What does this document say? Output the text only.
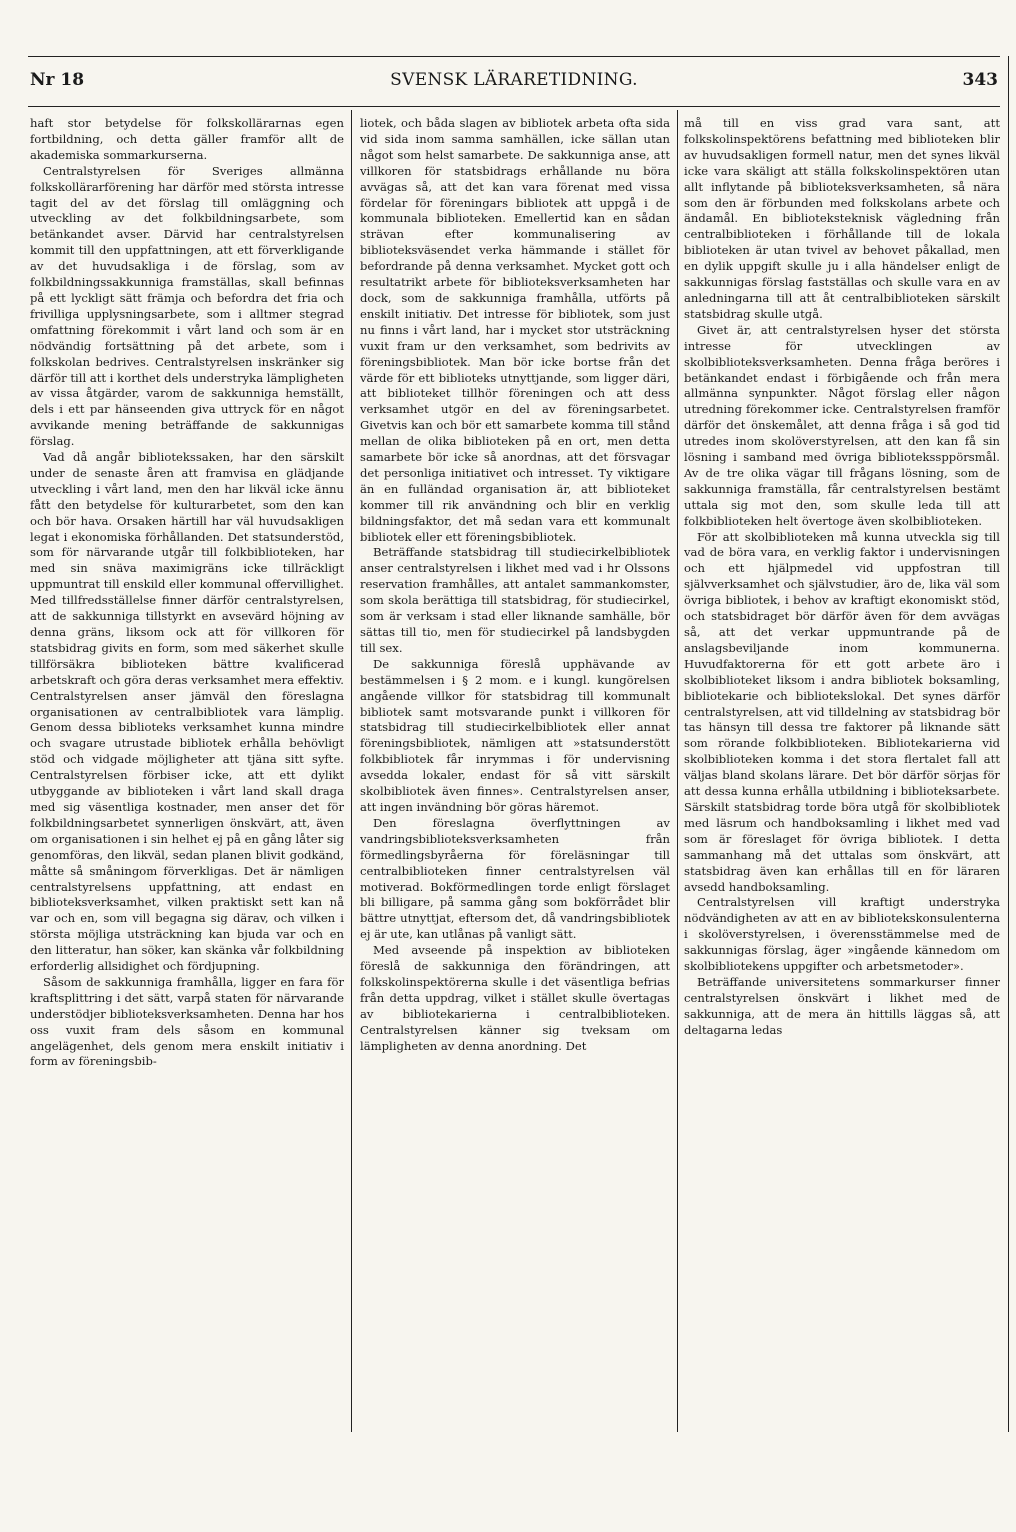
Nr 18	SVENSK LÄRARETIDNING.	343

haft stor betydelse för folkskollärarnas egen fortbildning, och detta gäller framför allt de akademiska sommarkurserna.

Centralstyrelsen för Sveriges allmänna folkskollärarförening har därför med största intresse tagit del av det förslag till omläggning och utveckling av det folkbildningsarbete, som betänkandet avser. Därvid har centralstyrelsen kommit till den uppfattningen, att ett förverkligande av det huvudsakliga i de förslag, som av folkbildningssakkunniga framställas, skall befinnas på ett lyckligt sätt främja och befordra det fria och frivilliga upplysningsarbete, som i alltmer stegrad omfattning förekommit i vårt land och som är en nödvändig fortsättning på det arbete, som i folkskolan bedrives. Centralstyrelsen inskränker sig därför till att i korthet dels understryka lämpligheten av vissa åtgärder, varom de sakkunniga hemställt, dels i ett par hänseenden giva uttryck för en något avvikande mening beträffande de sakkunnigas förslag.

Vad då angår bibliotekssaken, har den särskilt under de senaste åren att framvisa en glädjande utveckling i vårt land, men den har likväl icke ännu fått den betydelse för kulturarbetet, som den kan och bör hava. Orsaken härtill har väl huvudsakligen legat i ekonomiska förhållanden. Det statsunderstöd, som för närvarande utgår till folkbiblioteken, har med sin snäva maximigräns icke tillräckligt uppmuntrat till enskild eller kommunal offervillighet. Med tillfredsställelse finner därför centralstyrelsen, att de sakkunniga tillstyrkt en avsevärd höjning av denna gräns, liksom ock att för villkoren för statsbidrag givits en form, som med säkerhet skulle tillförsäkra biblioteken bättre kvalificerad arbetskraft och göra deras verksamhet mera effektiv. Centralstyrelsen anser jämväl den föreslagna organisationen av centralbibliotek vara lämplig. Genom dessa biblioteks verksamhet kunna mindre och svagare utrustade bibliotek erhålla behövligt stöd och vidgade möjligheter att tjäna sitt syfte. Centralstyrelsen förbiser icke, att ett dylikt utbyggande av biblioteken i vårt land skall draga med sig väsentliga kostnader, men anser det för folkbildningsarbetet synnerligen önskvärt, att, även om organisationen i sin helhet ej på en gång låter sig genomföras, den likväl, sedan planen blivit godkänd, måtte så småningom förverkligas. Det är nämligen centralstyrelsens uppfattning, att endast en biblioteksverksamhet, vilken praktiskt sett kan nå var och en, som vill begagna sig därav, och vilken i största möjliga utsträckning kan bjuda var och en den litteratur, han söker, kan skänka vår folkbildning erforderlig allsidighet och fördjupning.

Såsom de sakkunniga framhålla, ligger en fara för kraftsplittring i det sätt, varpå staten för närvarande understödjer biblioteksverksamheten. Denna har hos oss vuxit fram dels såsom en kommunal angelägenhet, dels genom mera enskilt initiativ i form av föreningsbib-

liotek, och båda slagen av bibliotek arbeta ofta sida vid sida inom samma samhällen, icke sällan utan något som helst samarbete. De sakkunniga anse, att villkoren för statsbidrags erhållande nu böra avvägas så, att det kan vara förenat med vissa fördelar för föreningars bibliotek att uppgå i de kommunala biblioteken. Emellertid kan en sådan strävan efter kommunalisering av biblioteksväsendet verka hämmande i stället för befordrande på denna verksamhet. Mycket gott och resultatrikt arbete för biblioteksverksamheten har dock, som de sakkunniga framhålla, utförts på enskilt initiativ. Det intresse för bibliotek, som just nu finns i vårt land, har i mycket stor utsträckning vuxit fram ur den verksamhet, som bedrivits av föreningsbibliotek. Man bör icke bortse från det värde för ett biblioteks utnyttjande, som ligger däri, att biblioteket tillhör föreningen och att dess verksamhet utgör en del av föreningsarbetet. Givetvis kan och bör ett samarbete komma till stånd mellan de olika biblioteken på en ort, men detta samarbete bör icke så anordnas, att det försvagar det personliga initiativet och intresset. Ty viktigare än en fulländad organisation är, att biblioteket kommer till rik användning och blir en verklig bildningsfaktor, det må sedan vara ett kommunalt bibliotek eller ett föreningsbibliotek.

Beträffande statsbidrag till studiecirkelbibliotek anser centralstyrelsen i likhet med vad i hr Olssons reservation framhålles, att antalet sammankomster, som skola berättiga till statsbidrag, för studiecirkel, som är verksam i stad eller liknande samhälle, bör sättas till tio, men för studiecirkel på landsbygden till sex.

De sakkunniga föreslå upphävande av bestämmelsen i § 2 mom. e i kungl. kungörelsen angående villkor för statsbidrag till kommunalt bibliotek samt motsvarande punkt i villkoren för statsbidrag till studiecirkelbibliotek eller annat föreningsbibliotek, nämligen att »statsunderstött folkbibliotek får inrymmas i för undervisning avsedda lokaler, endast för så vitt särskilt skolbibliotek även finnes». Centralstyrelsen anser, att ingen invändning bör göras häremot.

Den föreslagna överflyttningen av vandringsbiblioteksverksamheten från förmedlingsbyråerna för föreläsningar till centralbiblioteken finner centralstyrelsen väl motiverad. Bokförmedlingen torde enligt förslaget bli billigare, på samma gång som bokförrådet blir bättre utnyttjat, eftersom det, då vandringsbibliotek ej är ute, kan utlånas på vanligt sätt.

Med avseende på inspektion av biblioteken föreslå de sakkunniga den förändringen, att folkskolinspektörerna skulle i det väsentliga befrias från detta uppdrag, vilket i stället skulle övertagas av bibliotekarierna i centralbiblioteken. Centralstyrelsen känner sig tveksam om lämpligheten av denna anordning. Det

må till en viss grad vara sant, att folkskolinspektörens befattning med biblioteken blir av huvudsakligen formell natur, men det synes likväl icke vara skäligt att ställa folkskolinspektören utan allt inflytande på biblioteksverksamheten, så nära som den är förbunden med folkskolans arbete och ändamål. En biblioteksteknisk vägledning från centralbiblioteken i förhållande till de lokala biblioteken är utan tvivel av behovet påkallad, men en dylik uppgift skulle ju i alla händelser enligt de sakkunnigas förslag fastställas och skulle vara en av anledningarna till att åt centralbiblioteken särskilt statsbidrag skulle utgå.

Givet är, att centralstyrelsen hyser det största intresse för utvecklingen av skolbiblioteksverksamheten. Denna fråga beröres i betänkandet endast i förbigående och från mera allmänna synpunkter. Något förslag eller någon utredning förekommer icke. Centralstyrelsen framför därför det önskemålet, att denna fråga i så god tid utredes inom skolöverstyrelsen, att den kan få sin lösning i samband med övriga bibliotekssppörsmål. Av de tre olika vägar till frågans lösning, som de sakkunniga framställa, får centralstyrelsen bestämt uttala sig mot den, som skulle leda till att folkbiblioteken helt övertoge även skolbiblioteken.

För att skolbiblioteken må kunna utveckla sig till vad de böra vara, en verklig faktor i undervisningen och ett hjälpmedel vid uppfostran till självverksamhet och självstudier, äro de, lika väl som övriga bibliotek, i behov av kraftigt ekonomiskt stöd, och statsbidraget bör därför även för dem avvägas så, att det verkar uppmuntrande på de anslagsbeviljande inom kommunerna. Huvudfaktorerna för ett gott arbete äro i skolbiblioteket liksom i andra bibliotek boksamling, bibliotekarie och bibliotekslokal. Det synes därför centralstyrelsen, att vid tilldelning av statsbidrag bör tas hänsyn till dessa tre faktorer på liknande sätt som rörande folkbiblioteken. Bibliotekarierna vid skolbiblioteken komma i det stora flertalet fall att väljas bland skolans lärare. Det bör därför sörjas för att dessa kunna erhålla utbildning i biblioteksarbete. Särskilt statsbidrag torde böra utgå för skolbibliotek med läsrum och handboksamling i likhet med vad som är föreslaget för övriga bibliotek. I detta sammanhang må det uttalas som önskvärt, att statsbidrag även kan erhållas till en för läraren avsedd handboksamling.

Centralstyrelsen vill kraftigt understryka nödvändigheten av att en av bibliotekskonsulenterna i skolöverstyrelsen, i överensstämmelse med de sakkunnigas förslag, äger »ingående kännedom om skolbibliotekens uppgifter och arbetsmetoder».

Beträffande universitetens sommarkurser finner centralstyrelsen önskvärt i likhet med de sakkunniga, att de mera än hittills läggas så, att deltagarna ledas
